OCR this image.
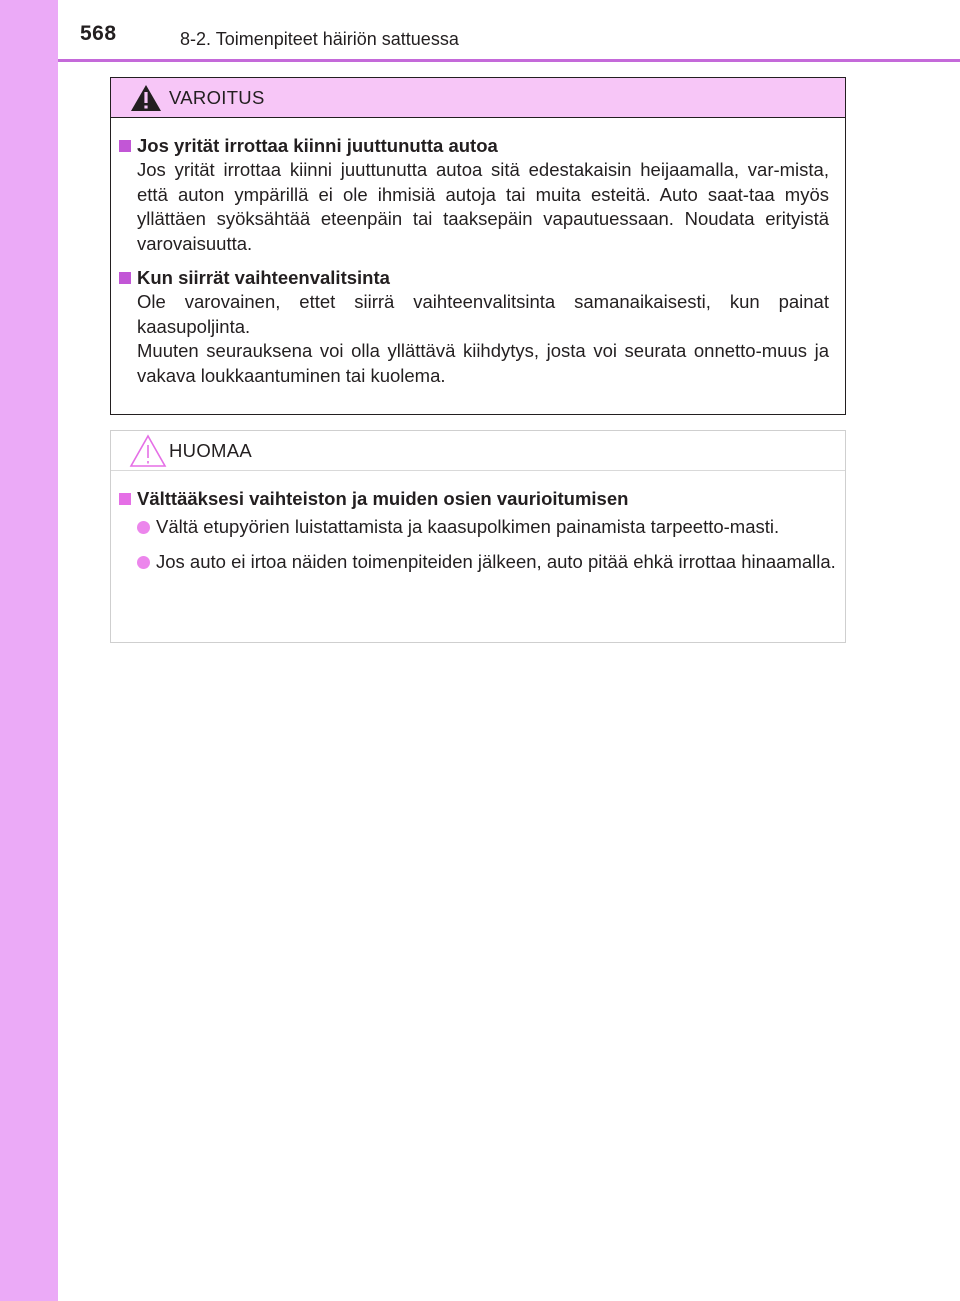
568	8-2. Toimenpiteet häiriön sattuessa
VAROITUS
Jos yrität irrottaa kiinni juuttunutta autoa
Jos yrität irrottaa kiinni juuttunutta autoa sitä edestakaisin heijaamalla, var-mista, että auton ympärillä ei ole ihmisiä autoja tai muita esteitä. Auto saat-taa myös yllättäen syöksähtää eteenpäin tai taaksepäin vapautuessaan. Noudata erityistä varovaisuutta.
Kun siirrät vaihteenvalitsinta
Ole varovainen, ettet siirrä vaihteenvalitsinta samanaikaisesti, kun painat kaasupoljinta.
Muuten seurauksena voi olla yllättävä kiihdytys, josta voi seurata onnetto-muus ja vakava loukkaantuminen tai kuolema.
HUOMAA
Välttääksesi vaihteiston ja muiden osien vaurioitumisen
Vältä etupyörien luistattamista ja kaasupolkimen painamista tarpeetto-masti.
Jos auto ei irtoa näiden toimenpiteiden jälkeen, auto pitää ehkä irrottaa hinaamalla.
